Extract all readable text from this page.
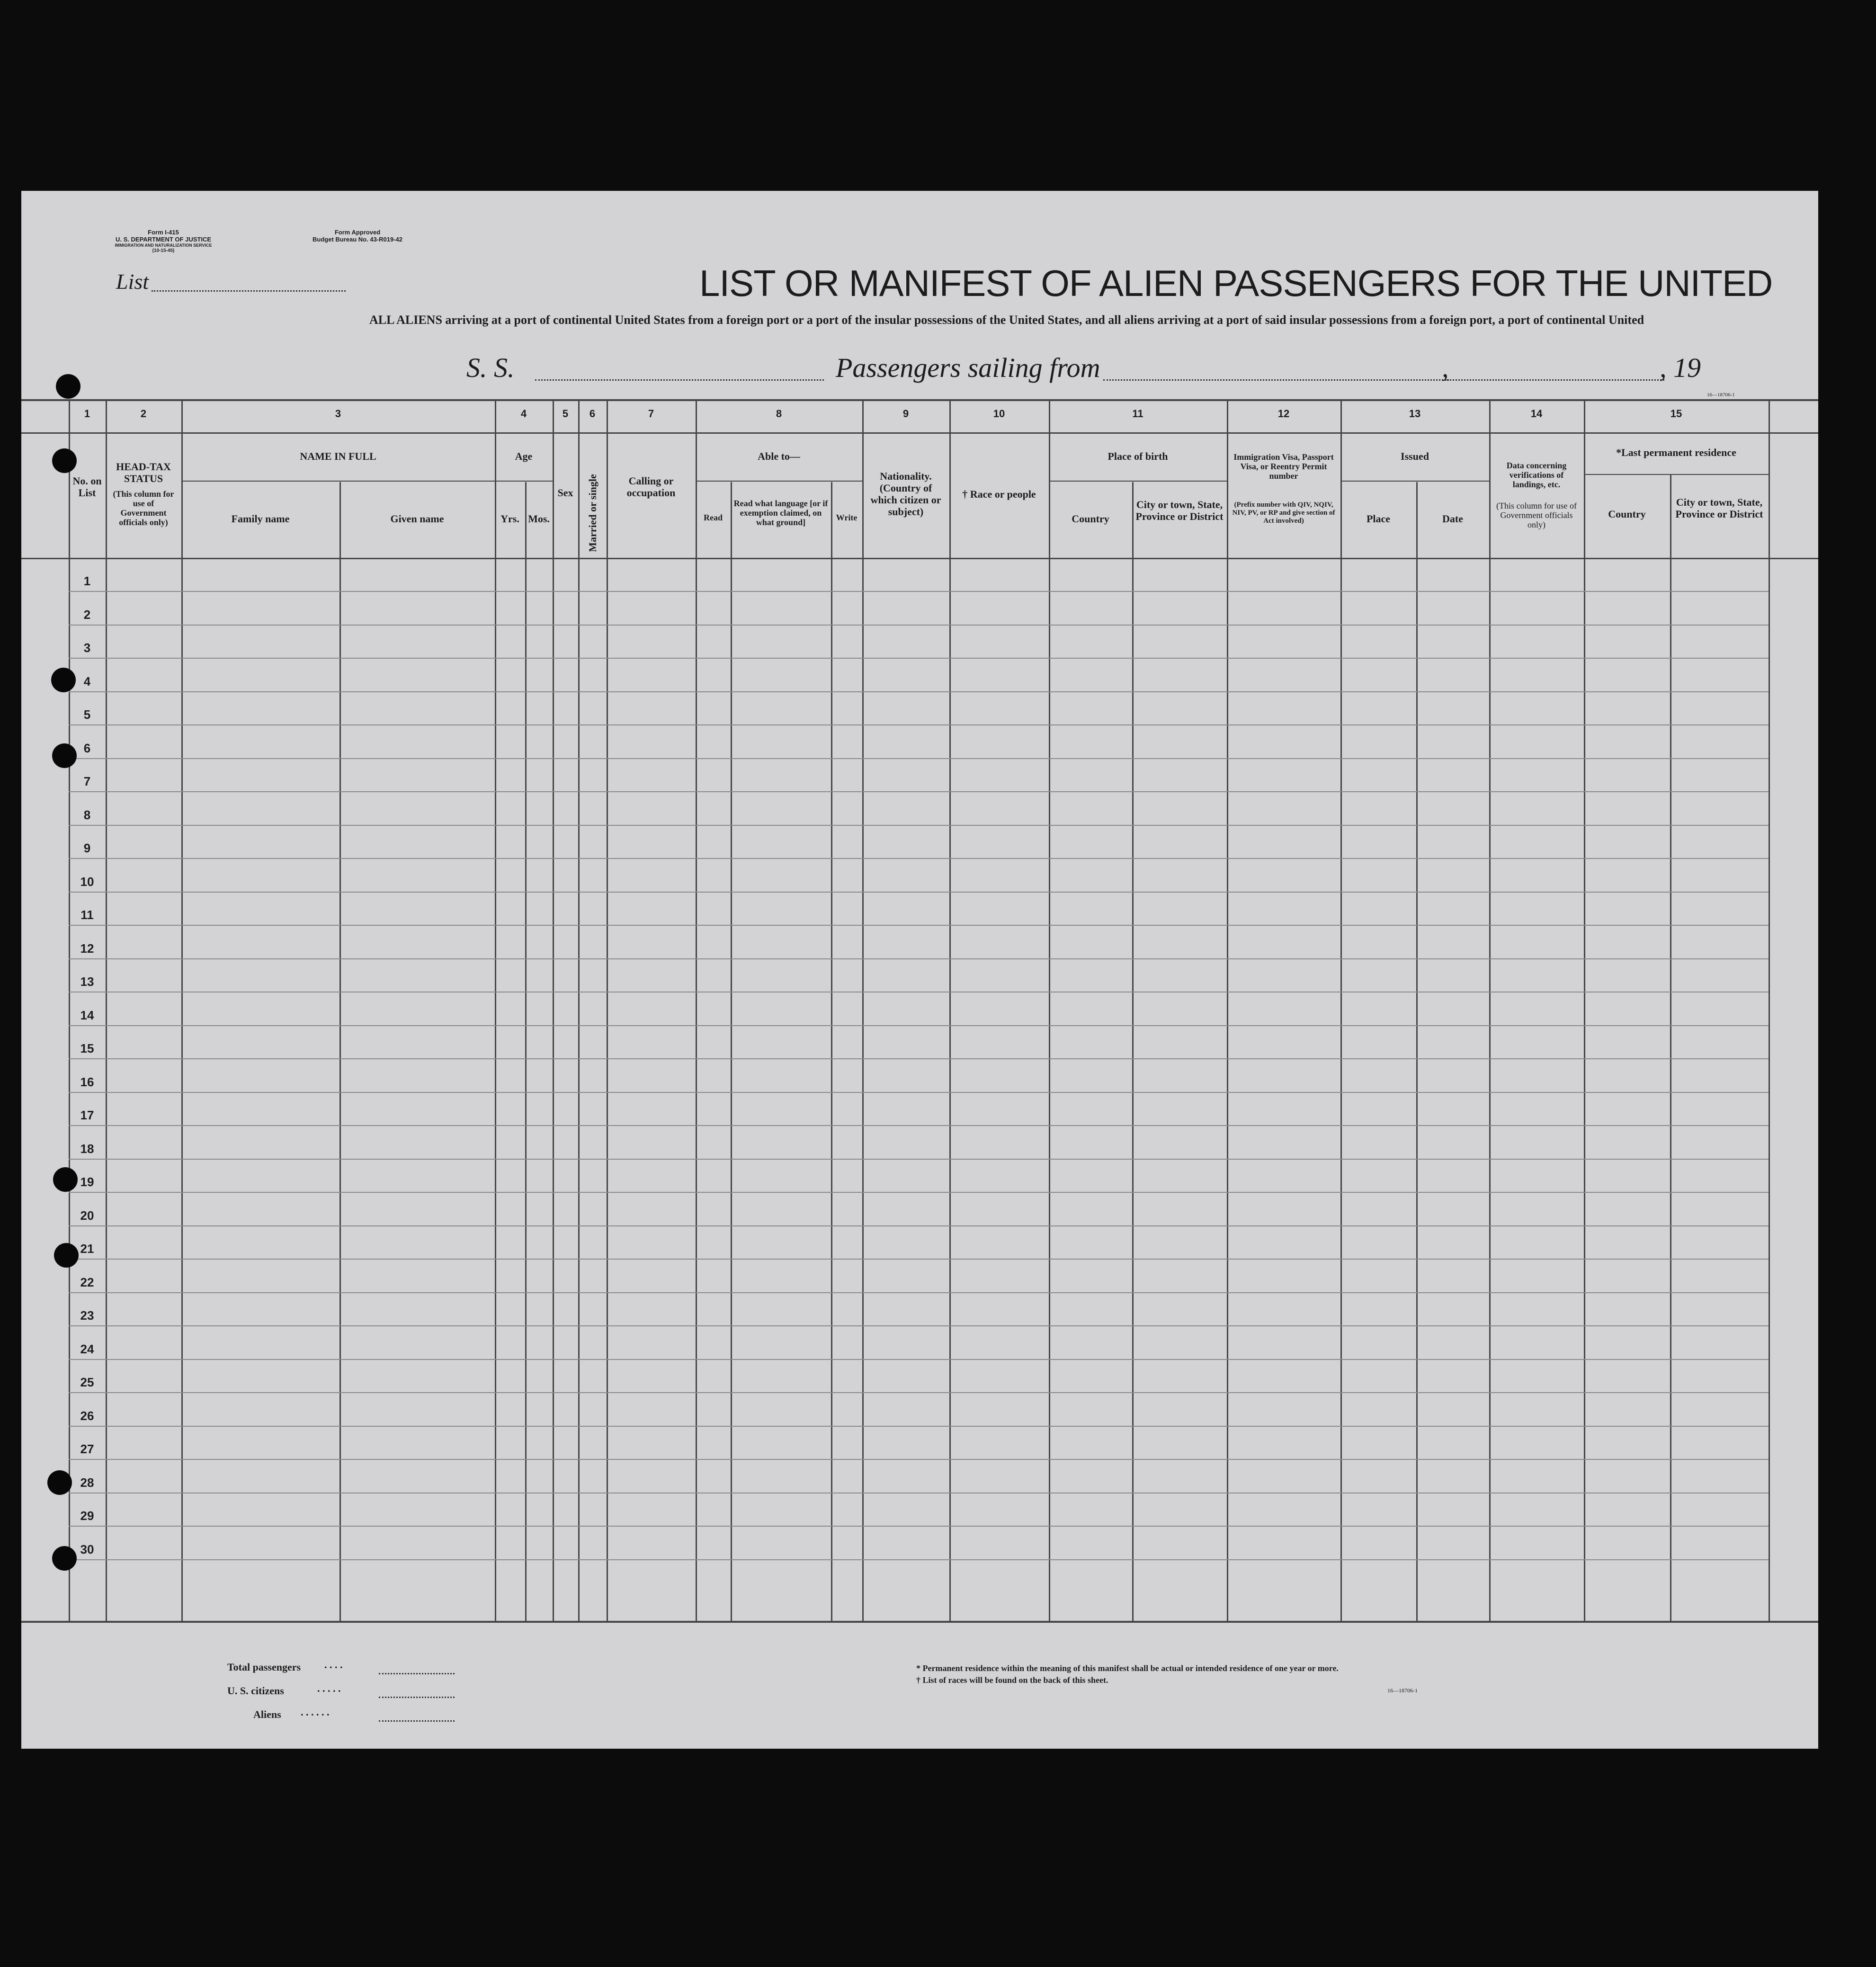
Form I-415
U. S. DEPARTMENT OF JUSTICE
IMMIGRATION AND NATURALIZATION SERVICE
(10-15-45)
Form Approved
Budget Bureau No. 43-R019-42
List	LIST OR MANIFEST OF ALIEN PASSENGERS FOR THE UNITED
ALL ALIENS arriving at a port of continental United States from a foreign port or a port of the insular possessions of the United States, and all aliens arriving at a port of said insular possessions from a foreign port, a port of continental United
S. S.	Passengers sailing from	,	, 19
16—18706-1
1	2	3	4	5	6	7	8	9	10	11	12	13	14	15
No. on List
HEAD-TAX STATUS
(This column for use of Government officials only)
NAME IN FULL
Family name	Given name
Age
Yrs. Mos.
Sex	Married or single	Calling or occupation
Able to—
Read
Read what language [or if exemption claimed, on what ground]	Write
Nationality. (Country of which citizen or subject)
† Race or people
Place of birth
Country
City or town, State, Province or District
Immigration Visa, Passport Visa, or Reentry Permit number
(Prefix number with QIV, NQIV, NIV, PV, or RP and give section of Act involved)
Issued
Place	Date
Data concerning verifications of landings, etc.
(This column for use of Government officials only)
*Last permanent residence
Country
City or town, State, Province or District
1
2
3
4
5
6
7
8
9
10
11
12
13
14
15
16
17
18
19
20
21
22
23
24
25
26
27
28
29
30
Total passengers . . . .
U. S. citizens	. . . . .
Aliens . . . . . .
* Permanent residence within the meaning of this manifest shall be actual or intended residence of one year or more.
† List of races will be found on the back of this sheet.
16—18706-1
